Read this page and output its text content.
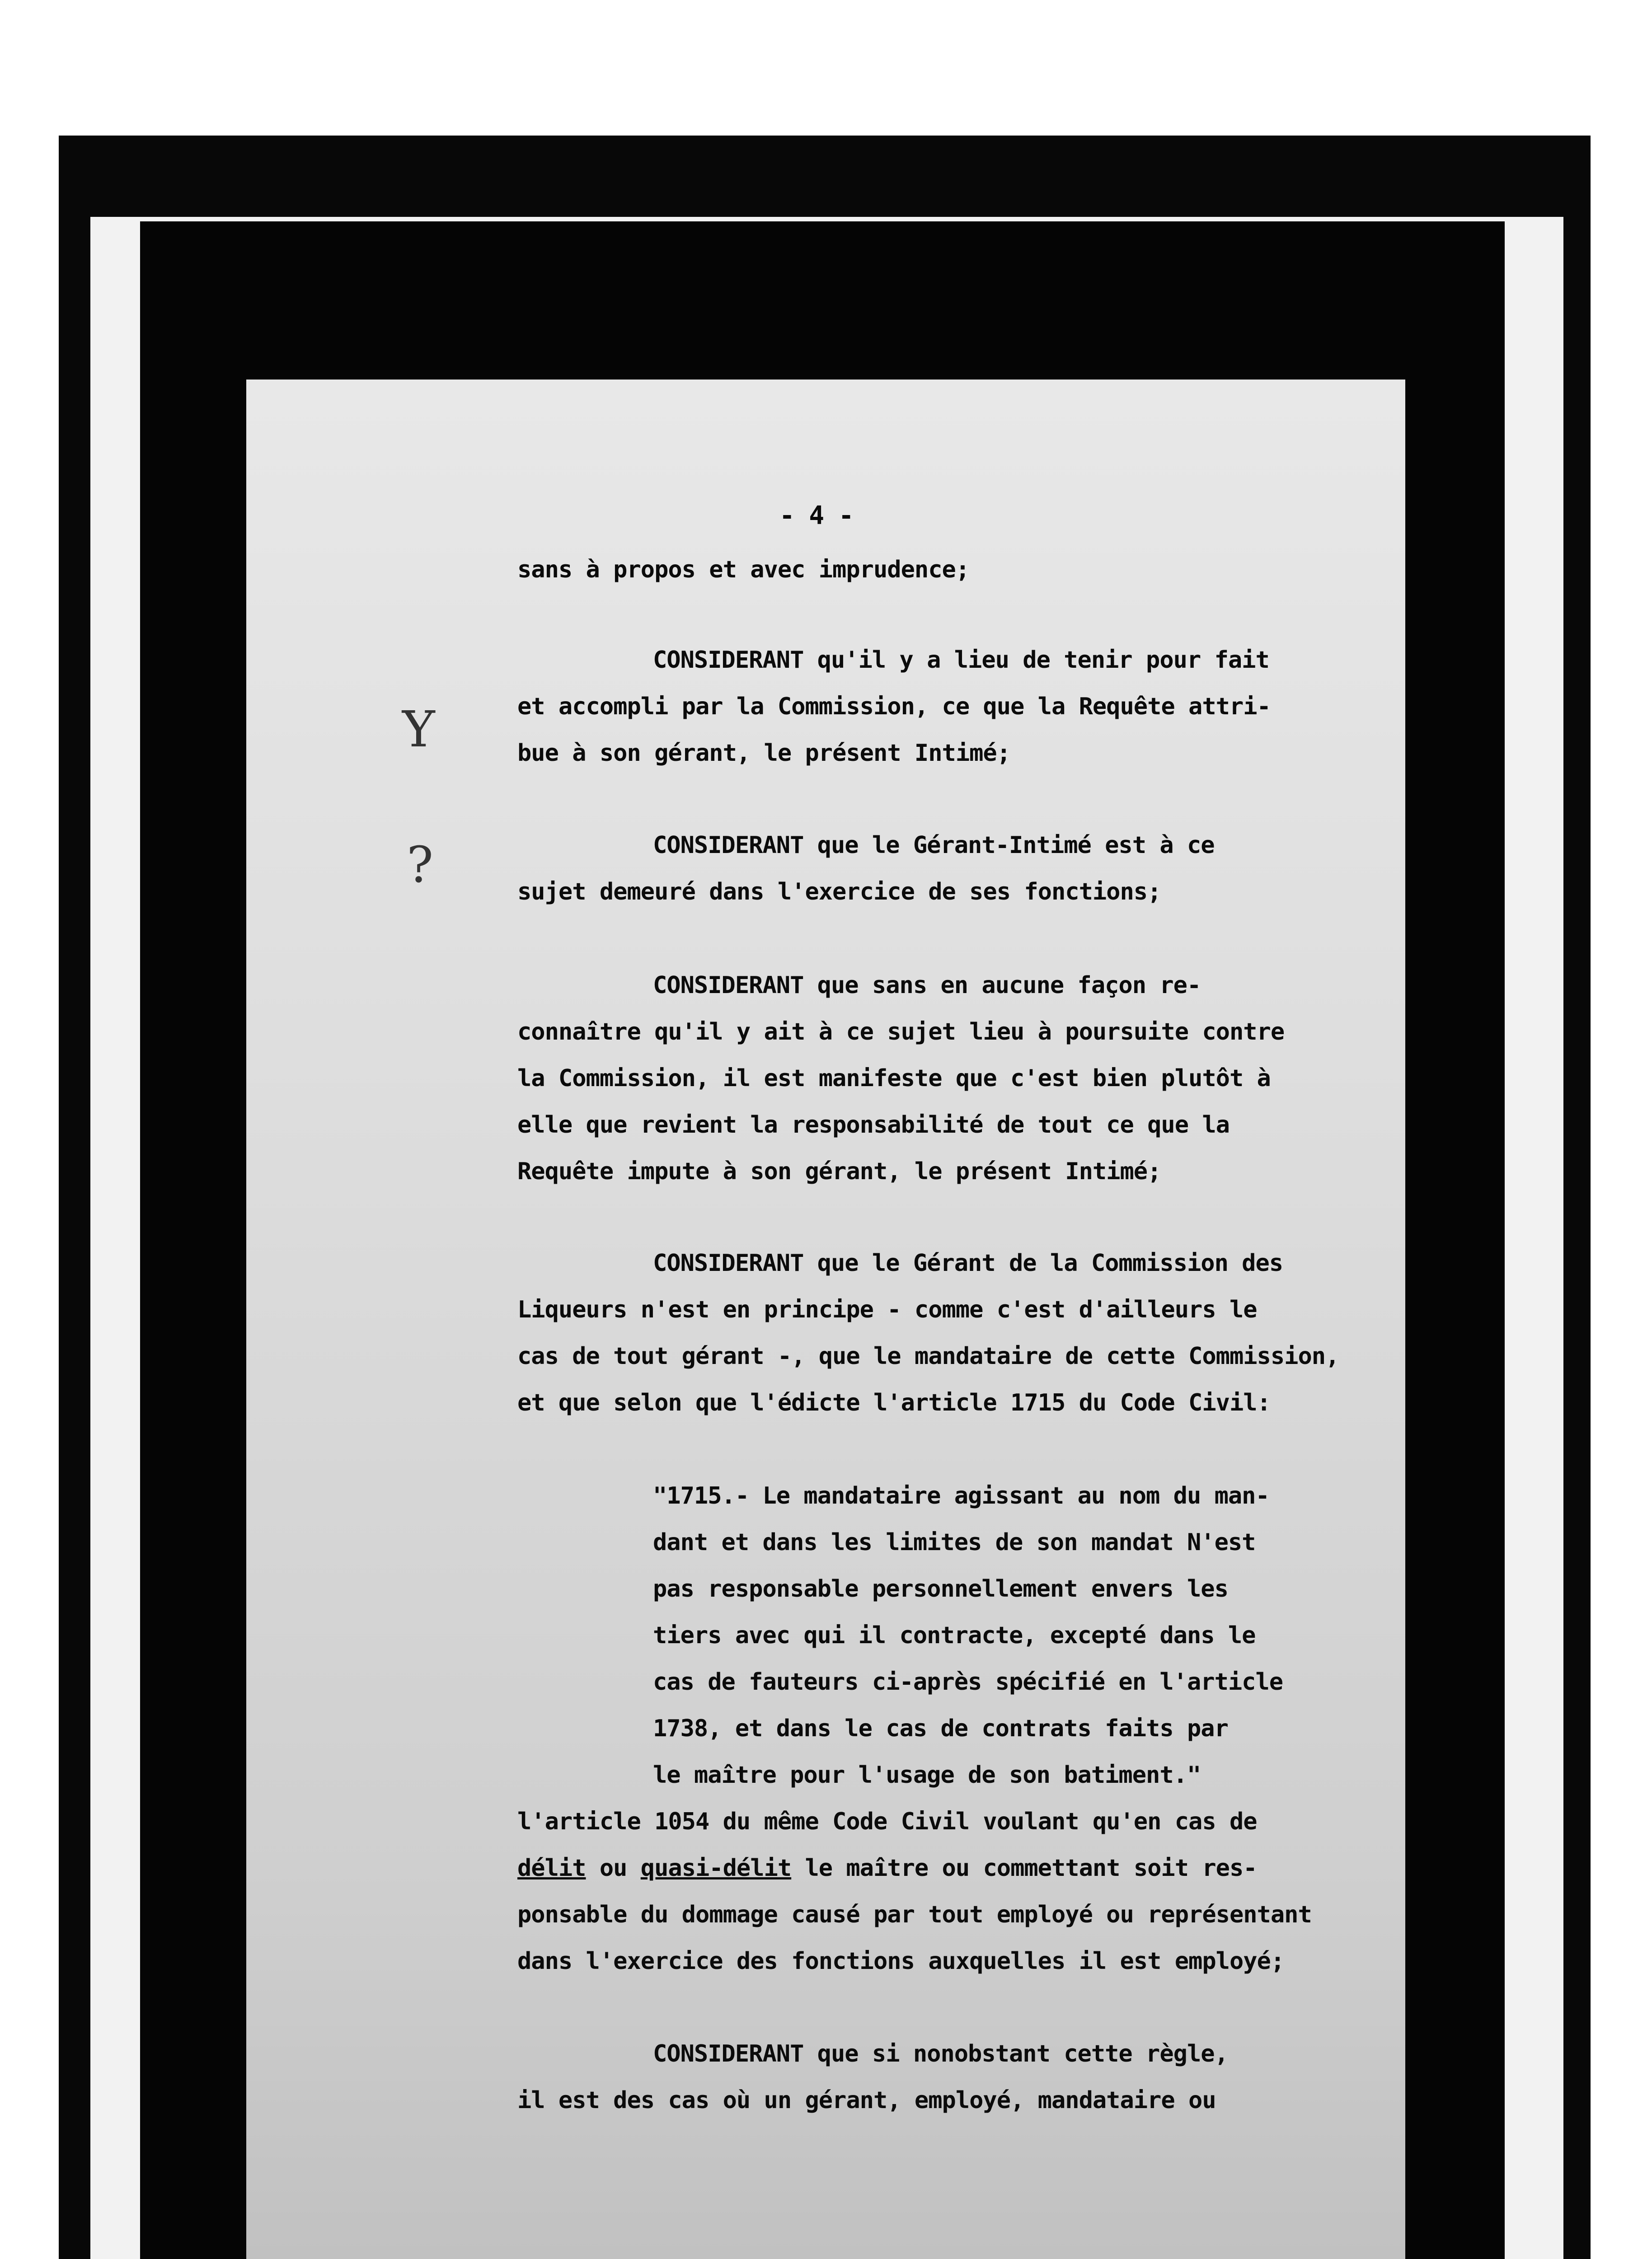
- 4 -
sans à propos et avec imprudence;
CONSIDERANT qu'il y a lieu de tenir pour fait
et accompli par la Commission, ce que la Requête attri-
bue à son gérant, le présent Intimé;
CONSIDERANT que le Gérant-Intimé est à ce
sujet demeuré dans l'exercice de ses fonctions;
CONSIDERANT que sans en aucune façon re-
connaître qu'il y ait à ce sujet lieu à poursuite contre
la Commission, il est manifeste que c'est bien plutôt à
elle que revient la responsabilité de tout ce que la
Requête impute à son gérant, le présent Intimé;
CONSIDERANT que le Gérant de la Commission des
Liqueurs n'est en principe - comme c'est d'ailleurs le
cas de tout gérant -, que le mandataire de cette Commission,
et que selon que l'édicte l'article 1715 du Code Civil:
"1715.- Le mandataire agissant au nom du man-
dant et dans les limites de son mandat N'est
pas responsable personnellement envers les
tiers avec qui il contracte, excepté dans le
cas de fauteurs ci-après spécifié en l'article
1738, et dans le cas de contrats faits par
le maître pour l'usage de son batiment."
l'article 1054 du même Code Civil voulant qu'en cas de
délit ou quasi-délit le maître ou commettant soit res-
ponsable du dommage causé par tout employé ou représentant
dans l'exercice des fonctions auxquelles il est employé;
CONSIDERANT que si nonobstant cette règle,
il est des cas où un gérant, employé, mandataire ou
Y
?
